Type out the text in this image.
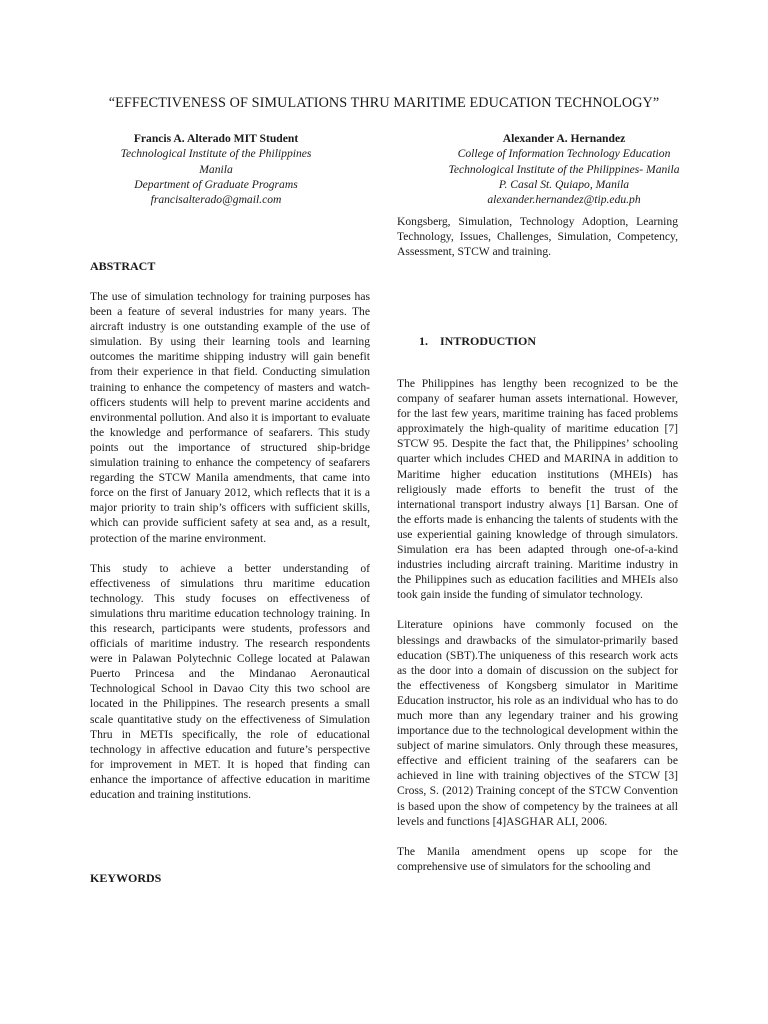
“EFFECTIVENESS OF SIMULATIONS THRU MARITIME EDUCATION TECHNOLOGY”
Francis A. Alterado MIT Student
Technological Institute of the Philippines
Manila
Department of Graduate Programs
francisalterado@gmail.com
Alexander A. Hernandez
College of Information Technology Education
Technological Institute of the Philippines- Manila
P. Casal St. Quiapo, Manila
alexander.hernandez@tip.edu.ph
ABSTRACT

The use of simulation technology for training purposes has been a feature of several industries for many years. The aircraft industry is one outstanding example of the use of simulation. By using their learning tools and learning outcomes the maritime shipping industry will gain benefit from their experience in that field. Conducting simulation training to enhance the competency of masters and watch-officers students will help to prevent marine accidents and environmental pollution. And also it is important to evaluate the knowledge and performance of seafarers. This study points out the importance of structured ship-bridge simulation training to enhance the competency of seafarers regarding the STCW Manila amendments, that came into force on the first of January 2012, which reflects that it is a major priority to train ship’s officers with sufficient skills, which can provide sufficient safety at sea and, as a result, protection of the marine environment.

This study to achieve a better understanding of effectiveness of simulations thru maritime education technology. This study focuses on effectiveness of simulations thru maritime education technology training. In this research, participants were students, professors and officials of maritime industry. The research respondents were in Palawan Polytechnic College located at Palawan Puerto Princesa and the Mindanao Aeronautical Technological School in Davao City this two school are located in the Philippines. The research presents a small scale quantitative study on the effectiveness of Simulation Thru in METIs specifically, the role of educational technology in affective education and future’s perspective for improvement in MET. It is hoped that finding can enhance the importance of affective education in maritime education and training institutions.

KEYWORDS
Kongsberg, Simulation, Technology Adoption, Learning Technology, Issues, Challenges, Simulation, Competency, Assessment, STCW and training.
1. INTRODUCTION

The Philippines has lengthy been recognized to be the company of seafarer human assets international. However, for the last few years, maritime training has faced problems approximately the high-quality of maritime education [7] STCW 95. Despite the fact that, the Philippines’ schooling quarter which includes CHED and MARINA in addition to Maritime higher education institutions (MHEIs) has religiously made efforts to benefit the trust of the international transport industry always [1] Barsan. One of the efforts made is enhancing the talents of students with the use experiential gaining knowledge of through simulators. Simulation era has been adapted through one-of-a-kind industries including aircraft training. Maritime industry in the Philippines such as education facilities and MHEIs also took gain inside the funding of simulator technology.

Literature opinions have commonly focused on the blessings and drawbacks of the simulator-primarily based education (SBT).The uniqueness of this research work acts as the door into a domain of discussion on the subject for the effectiveness of Kongsberg simulator in Maritime Education instructor, his role as an individual who has to do much more than any legendary trainer and his growing importance due to the technological development within the subject of marine simulators. Only through these measures, effective and efficient training of the seafarers can be achieved in line with training objectives of the STCW [3] Cross, S. (2012) Training concept of the STCW Convention is based upon the show of competency by the trainees at all levels and functions [4]ASGHAR ALI, 2006.

The Manila amendment opens up scope for the comprehensive use of simulators for the schooling and
